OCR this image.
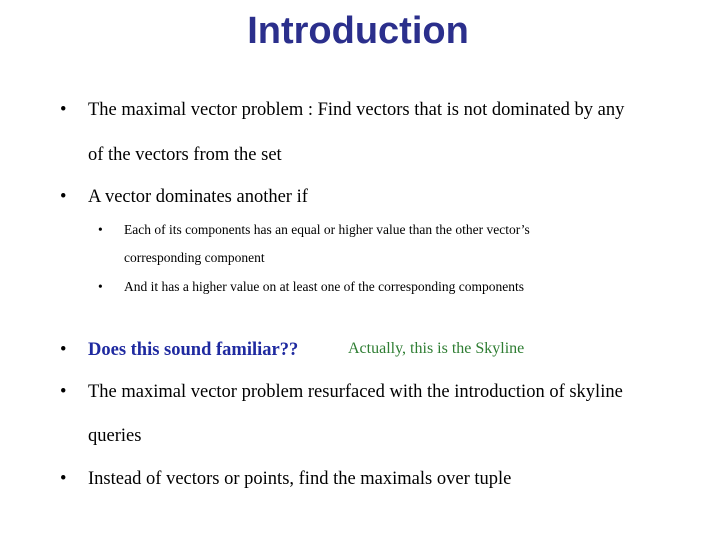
Introduction
• The maximal vector problem : Find vectors that is not dominated by any
of the vectors from the set
• A vector dominates another if
• Each of its components has an equal or higher value than the other vector’s
corresponding component
• And it has a higher value on at least one of the corresponding components
• Does this sound familiar??	Actually, this is the Skyline
• The maximal vector problem resurfaced with the introduction of skyline
queries
• Instead of vectors or points, find the maximals over tuple
